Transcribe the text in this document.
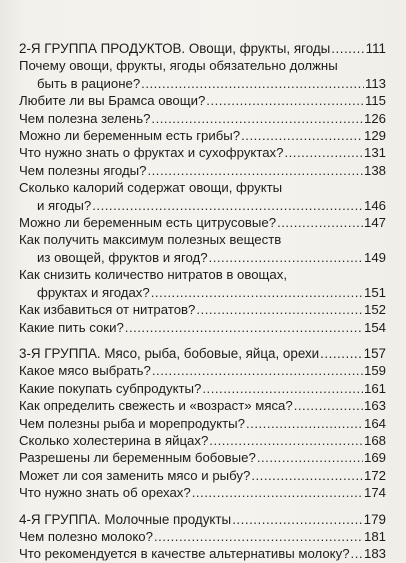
2-Я ГРУППА ПРОДУКТОВ. Овощи, фрукты, ягоды .....	111
Почему овощи, фрукты, ягоды обязательно должны
быть в рационе? .....	113
Любите ли вы Брамса овощи? .....	115
Чем полезна зелень? .....	126
Можно ли беременным есть грибы? .....	129
Что нужно знать о фруктах и сухофруктах? .....	131
Чем полезны ягоды? .....	138
Сколько калорий содержат овощи, фрукты
и ягоды? .....	146
Можно ли беременным есть цитрусовые? .....	147
Как получить максимум полезных веществ
из овощей, фруктов и ягод? .....	149
Как снизить количество нитратов в овощах,
фруктах и ягодах? .....	151
Как избавиться от нитратов? .....	152
Какие пить соки? .....	154
3-Я ГРУППА. Мясо, рыба, бобовые, яйца, орехи .....	157
Какое мясо выбрать? .....	159
Какие покупать субпродукты? .....	161
Как определить свежесть и «возраст» мяса? .....	163
Чем полезны рыба и морепродукты? .....	164
Сколько холестерина в яйцах? .....	168
Разрешены ли беременным бобовые? .....	169
Может ли соя заменить мясо и рыбу? .....	172
Что нужно знать об орехах? .....	174
4-Я ГРУППА. Молочные продукты .....	179
Чем полезно молоко? .....	181
Что рекомендуется в качестве альтернативы молоку? ..... 183
